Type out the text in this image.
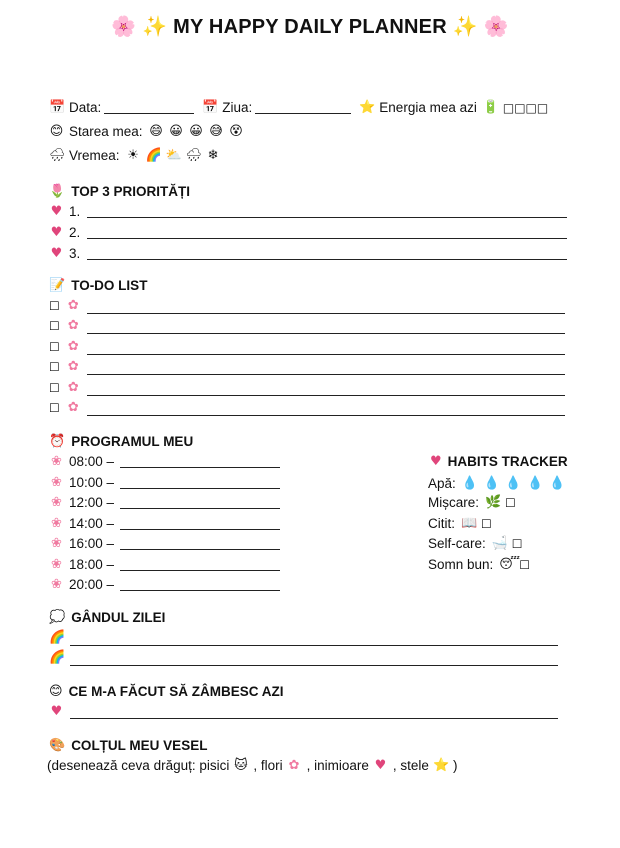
🌸 ✨ MY HAPPY DAILY PLANNER ✨ 🌸
📅 Data:	📅 Ziua:	⭐ Energia mea azi 🔋 □□□□
😊 Starea mea: 😄 😀 😀 😅 😵
🌧 Vremea: ☀ 🌈 ⛅ 🌧 ❄
🌷 TOP 3 PRIORITĂȚI
♥ 1.
♥ 2.
♥ 3.
📝 TO-DO LIST
☐ ✿
☐ ✿
☐ ✿
☐ ✿
☐ ✿
☐ ✿
⏰ PROGRAMUL MEU
❀ 08:00 –
❀ 10:00 –
❀ 12:00 –
❀ 14:00 –
❀ 16:00 –
❀ 18:00 –
❀ 20:00 –
♥ HABITS TRACKER
Apă: 💧 💧 💧 💧 💧
Mișcare: 🌿 ☐
Citit: 📖 ☐
Self-care: 🛁 ☐
Somn bun: 😴 ☐
💭 GÂNDUL ZILEI
🌈
🌈
😊 CE M-A FĂCUT SĂ ZÂMBESC AZI
♥
🎨 COLȚUL MEU VESEL
(desenează ceva drăguț: pisici 🐱 , flori ✿ , inimioare ♥ , stele ⭐ )
